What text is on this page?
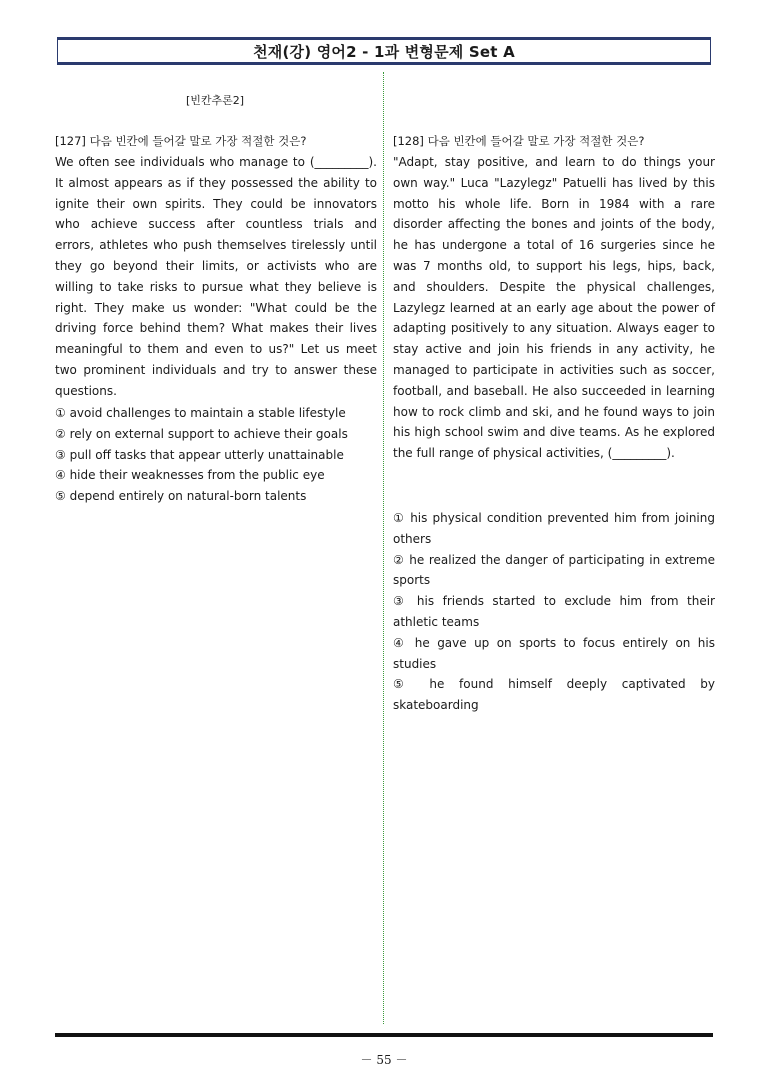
천재(강) 영어2 - 1과 변형문제 Set A
[빈칸추론2]
[127] 다음 빈칸에 들어갈 말로 가장 적절한 것은?
We often see individuals who manage to (_________). It almost appears as if they possessed the ability to ignite their own spirits. They could be innovators who achieve success after countless trials and errors, athletes who push themselves tirelessly until they go beyond their limits, or activists who are willing to take risks to pursue what they believe is right. They make us wonder: "What could be the driving force behind them? What makes their lives meaningful to them and even to us?" Let us meet two prominent individuals and try to answer these questions.
① avoid challenges to maintain a stable lifestyle
② rely on external support to achieve their goals
③ pull off tasks that appear utterly unattainable
④ hide their weaknesses from the public eye
⑤ depend entirely on natural-born talents
[128] 다음 빈칸에 들어갈 말로 가장 적절한 것은?
"Adapt, stay positive, and learn to do things your own way." Luca "Lazylegz" Patuelli has lived by this motto his whole life. Born in 1984 with a rare disorder affecting the bones and joints of the body, he has undergone a total of 16 surgeries since he was 7 months old, to support his legs, hips, back, and shoulders. Despite the physical challenges, Lazylegz learned at an early age about the power of adapting positively to any situation. Always eager to stay active and join his friends in any activity, he managed to participate in activities such as soccer, football, and baseball. He also succeeded in learning how to rock climb and ski, and he found ways to join his high school swim and dive teams. As he explored the full range of physical activities, (_________).
① his physical condition prevented him from joining others
② he realized the danger of participating in extreme sports
③ his friends started to exclude him from their athletic teams
④ he gave up on sports to focus entirely on his studies
⑤ he found himself deeply captivated by skateboarding
－ 55 －
